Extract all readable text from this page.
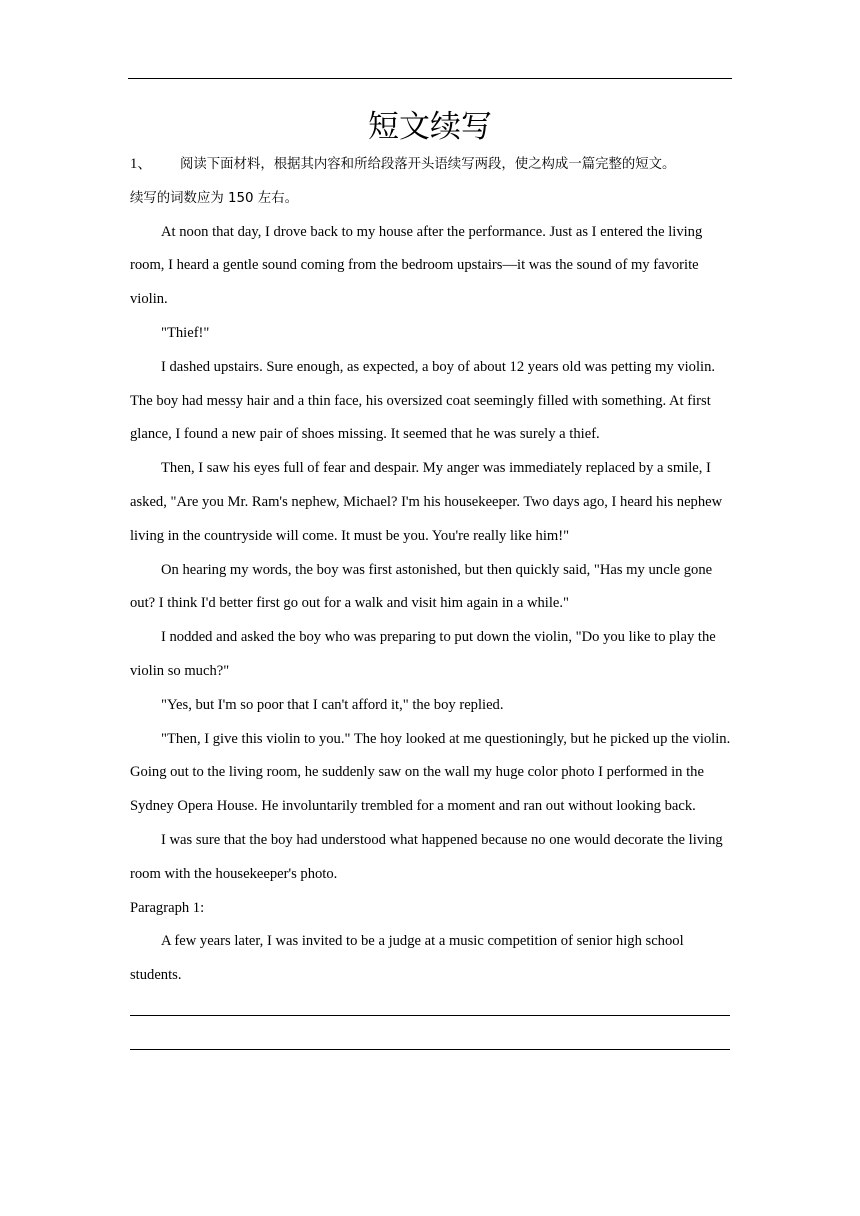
短文续写

1、 阅读下面材料，根据其内容和所给段落开头语续写两段，使之构成一篇完整的短文。

续写的词数应为 150 左右。

At noon that day, I drove back to my house after the performance. Just as I entered the living room, I heard a gentle sound coming from the bedroom upstairs—it was the sound of my favorite violin.

"Thief!"

I dashed upstairs. Sure enough, as expected, a boy of about 12 years old was petting my violin. The boy had messy hair and a thin face, his oversized coat seemingly filled with something. At first glance, I found a new pair of shoes missing. It seemed that he was surely a thief.

Then, I saw his eyes full of fear and despair. My anger was immediately replaced by a smile, I asked, "Are you Mr. Ram's nephew, Michael? I'm his housekeeper. Two days ago, I heard his nephew living in the countryside will come. It must be you. You're really like him!"

On hearing my words, the boy was first astonished, but then quickly said, "Has my uncle gone out? I think I'd better first go out for a walk and visit him again in a while."

I nodded and asked the boy who was preparing to put down the violin, "Do you like to play the violin so much?"

"Yes, but I'm so poor that I can't afford it," the boy replied.

"Then, I give this violin to you." The hoy looked at me questioningly, but he picked up the violin. Going out to the living room, he suddenly saw on the wall my huge color photo I performed in the Sydney Opera House. He involuntarily trembled for a moment and ran out without looking back.

I was sure that the boy had understood what happened because no one would decorate the living room with the housekeeper's photo.

Paragraph 1:

A few years later, I was invited to be a judge at a music competition of senior high school students.
